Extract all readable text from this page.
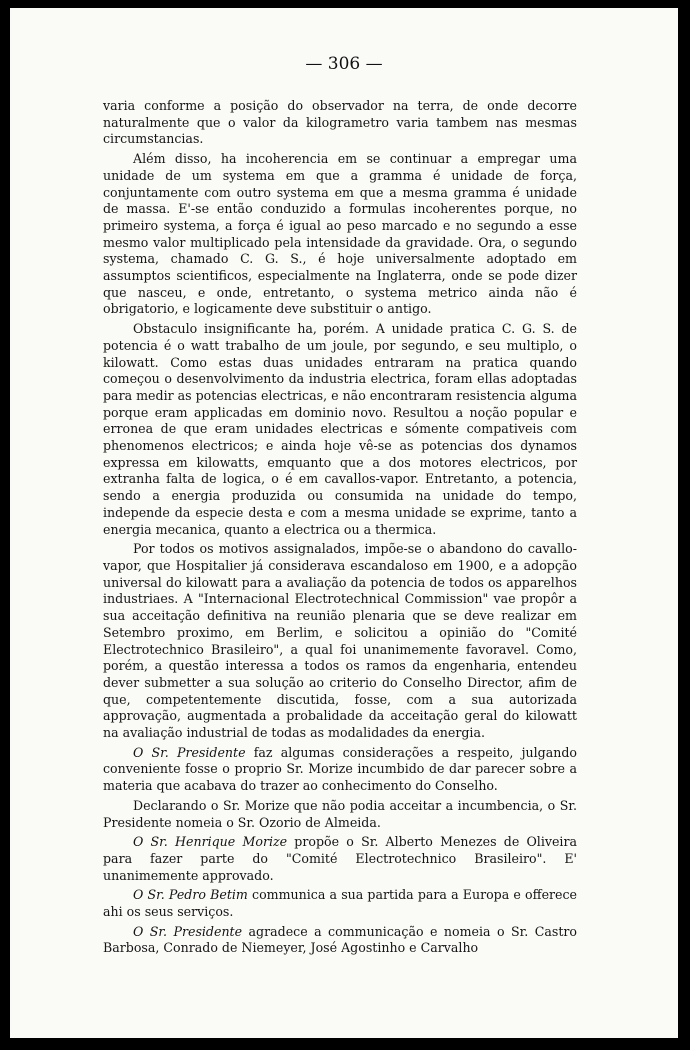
— 306 —

varia conforme a posição do observador na terra, de onde decorre naturalmente que o valor da kilogrametro varia tambem nas mesmas circumstancias.

Além disso, ha incoherencia em se continuar a empregar uma unidade de um systema em que a gramma é unidade de força, conjuntamente com outro systema em que a mesma gramma é unidade de massa. E'-se então conduzido a formulas incoherentes porque, no primeiro systema, a força é igual ao peso marcado e no segundo a esse mesmo valor multiplicado pela intensidade da gravidade. Ora, o segundo systema, chamado C. G. S., é hoje universalmente adoptado em assumptos scientificos, especialmente na Inglaterra, onde se pode dizer que nasceu, e onde, entretanto, o systema metrico ainda não é obrigatorio, e logicamente deve substituir o antigo.

Obstaculo insignificante ha, porém. A unidade pratica C. G. S. de potencia é o watt trabalho de um joule, por segundo, e seu multiplo, o kilowatt. Como estas duas unidades entraram na pratica quando começou o desenvolvimento da industria electrica, foram ellas adoptadas para medir as potencias electricas, e não encontraram resistencia alguma porque eram applicadas em dominio novo. Resultou a noção popular e erronea de que eram unidades electricas e sómente compativeis com phenomenos electricos; e ainda hoje vê-se as potencias dos dynamos expressa em kilowatts, emquanto que a dos motores electricos, por extranha falta de logica, o é em cavallos-vapor. Entretanto, a potencia, sendo a energia produzida ou consumida na unidade do tempo, independe da especie desta e com a mesma unidade se exprime, tanto a energia mecanica, quanto a electrica ou a thermica.

Por todos os motivos assignalados, impõe-se o abandono do cavallo-vapor, que Hospitalier já considerava escandaloso em 1900, e a adopção universal do kilowatt para a avaliação da potencia de todos os apparelhos industriaes. A "Internacional Electrotechnical Commission" vae propôr a sua acceitação definitiva na reunião plenaria que se deve realizar em Setembro proximo, em Berlim, e solicitou a opinião do "Comité Electrotechnico Brasileiro", a qual foi unanimemente favoravel. Como, porém, a questão interessa a todos os ramos da engenharia, entendeu dever submetter a sua solução ao criterio do Conselho Director, afim de que, competentemente discutida, fosse, com a sua autorizada approvação, augmentada a probalidade da acceitação geral do kilowatt na avaliação industrial de todas as modalidades da energia.

O Sr. Presidente faz algumas considerações a respeito, julgando conveniente fosse o proprio Sr. Morize incumbido de dar parecer sobre a materia que acabava do trazer ao conhecimento do Conselho.

Declarando o Sr. Morize que não podia acceitar a incumbencia, o Sr. Presidente nomeia o Sr. Ozorio de Almeida.

O Sr. Henrique Morize propõe o Sr. Alberto Menezes de Oliveira para fazer parte do "Comité Electrotechnico Brasileiro". E' unanimemente approvado.

O Sr. Pedro Betim communica a sua partida para a Europa e offerece ahi os seus serviços.

O Sr. Presidente agradece a communicação e nomeia o Sr. Castro Barbosa, Conrado de Niemeyer, José Agostinho e Carvalho
